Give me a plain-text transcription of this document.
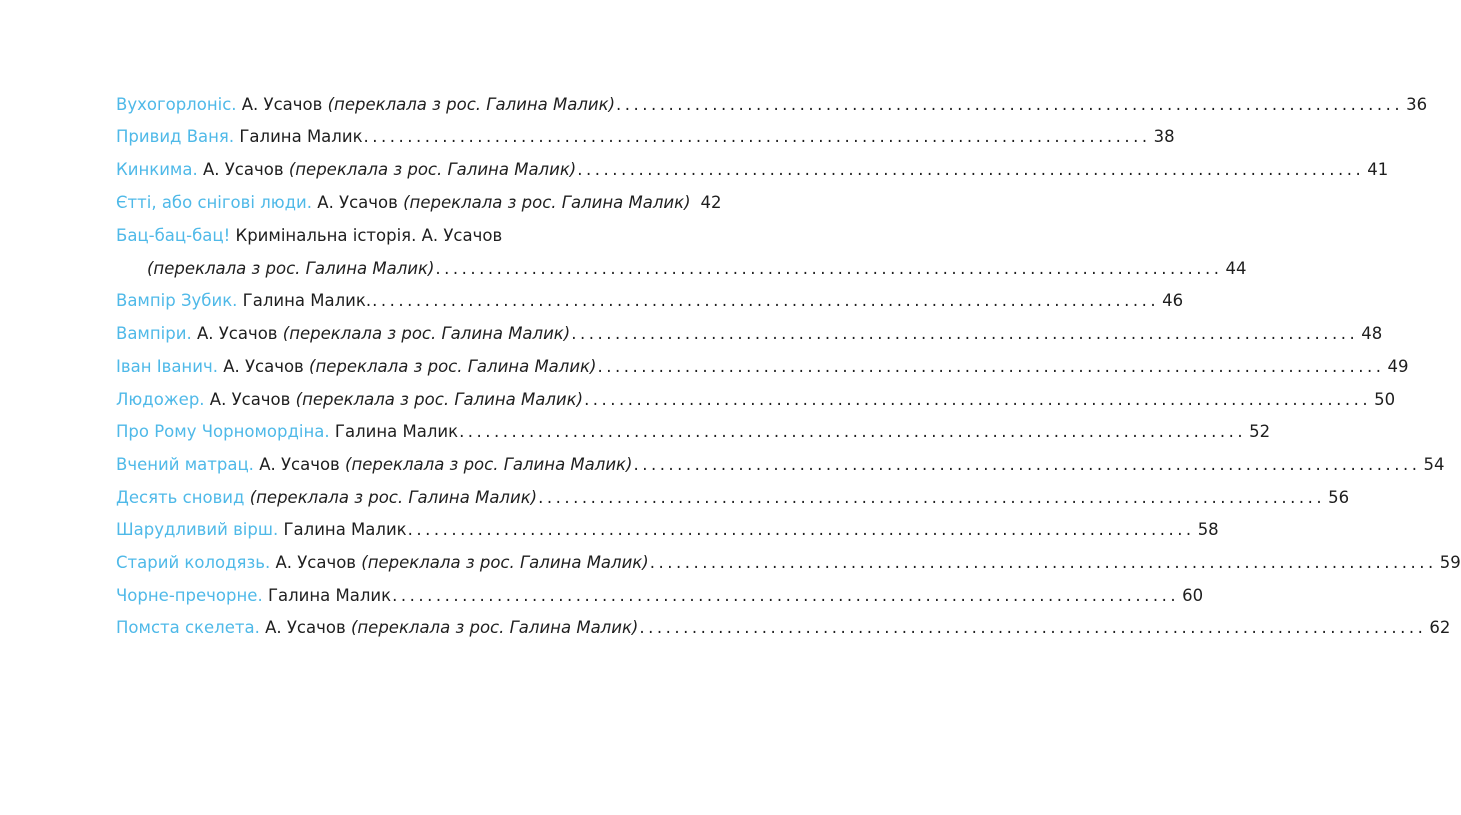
Вухогорлоніс.
А. Усачов
(переклала з рос. Галина Малик) .......................................................................................... 36
Привид Ваня.
Галина Малик .......................................................................................... 38
Кинкима.
А. Усачов
(переклала з рос. Галина Малик) .......................................................................................... 41
Єтті, або снігові люди.
А. Усачов
(переклала з рос. Галина Малик) 42
Бац-бац-бац!
Кримінальна історія.
А. Усачов
(переклала з рос. Галина Малик) .......................................................................................... 44
Вампір Зубик.
Галина Малик. .......................................................................................... 46
Вампіри.
А. Усачов
(переклала з рос. Галина Малик) .......................................................................................... 48
Іван Іванич.
А. Усачов
(переклала з рос. Галина Малик) .......................................................................................... 49
Людожер.
А. Усачов
(переклала з рос. Галина Малик) .......................................................................................... 50
Про Рому Чорномордіна.
Галина Малик .......................................................................................... 52
Вчений матрац.
А. Усачов
(переклала з рос. Галина Малик) .......................................................................................... 54
Десять сновид
(переклала з рос. Галина Малик) .......................................................................................... 56
Шарудливий вірш.
Галина Малик .......................................................................................... 58
Старий колодязь.
А. Усачов
(переклала з рос. Галина Малик) .......................................................................................... 59
Чорне-пречорне.
Галина Малик .......................................................................................... 60
Помста скелета.
А. Усачов
(переклала з рос. Галина Малик) .......................................................................................... 62
